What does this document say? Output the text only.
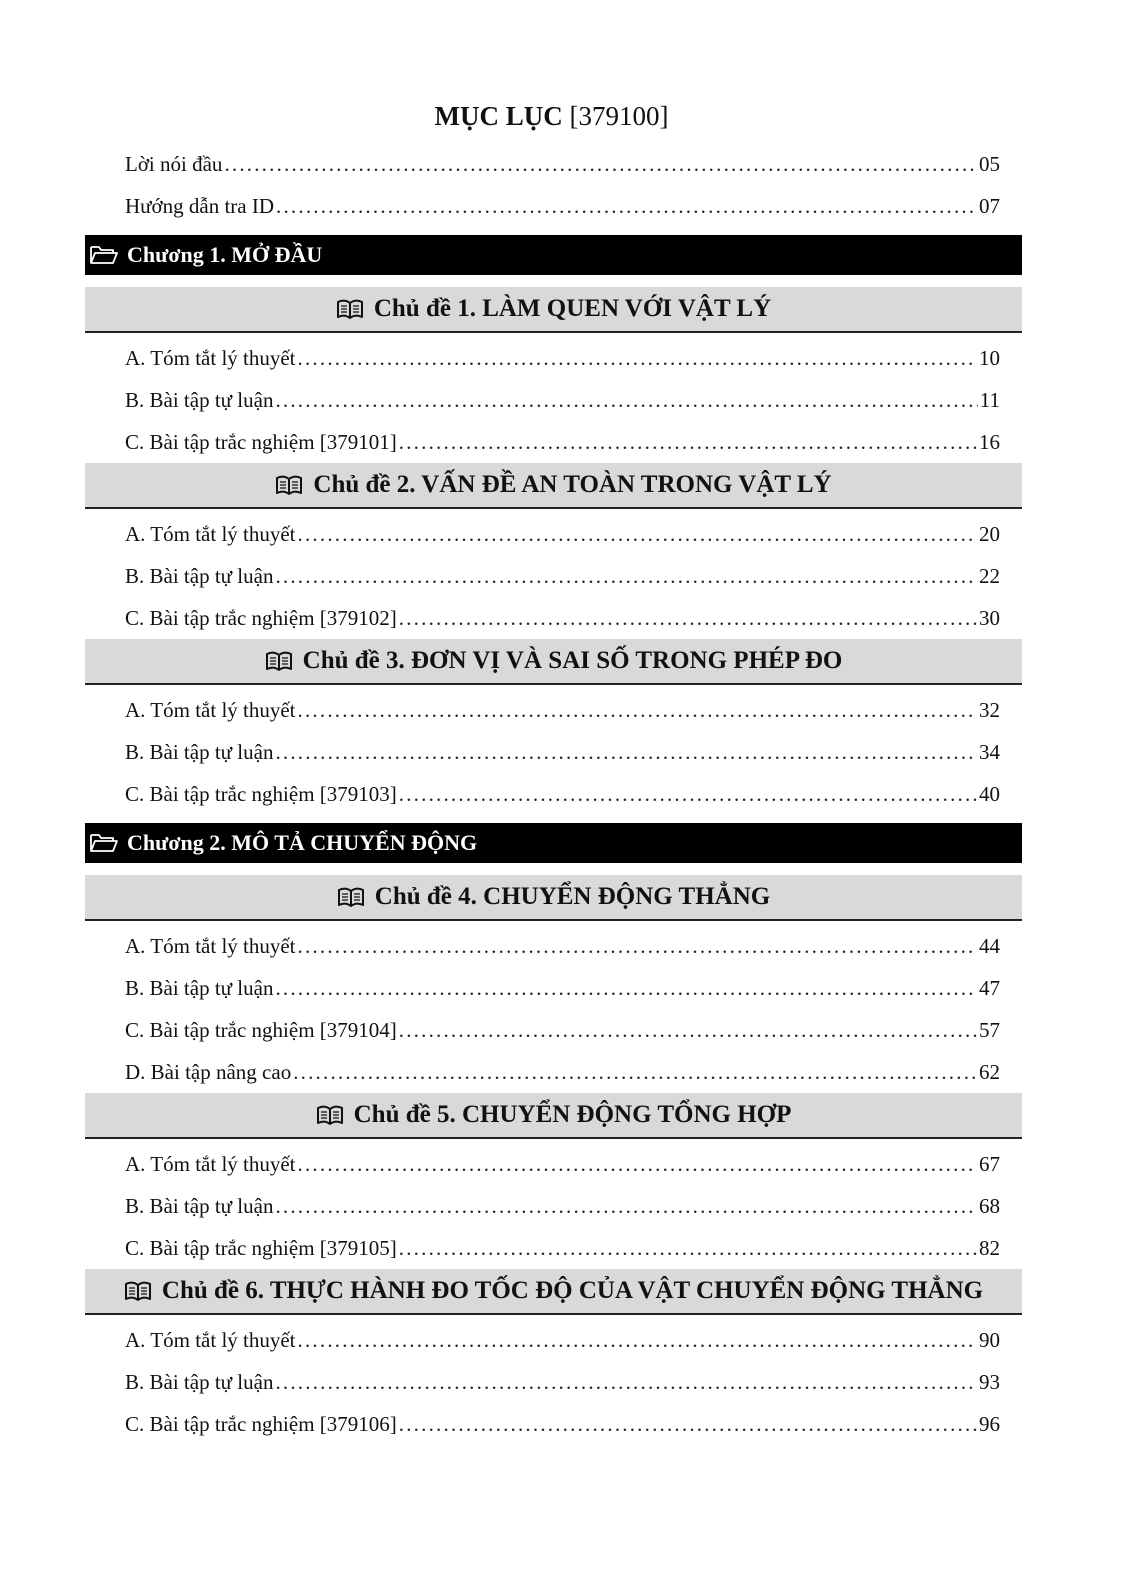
MỤC LỤC [379100]
Lời nói đầu .....	05
Hướng dẫn tra ID .....	07
Chương 1. MỞ ĐẦU
Chủ đề 1. LÀM QUEN VỚI VẬT LÝ
A. Tóm tắt lý thuyết .....	10
B. Bài tập tự luận .....	11
C. Bài tập trắc nghiệm [379101] .....	16
Chủ đề 2. VẤN ĐỀ AN TOÀN TRONG VẬT LÝ
A. Tóm tắt lý thuyết .....	20
B. Bài tập tự luận .....	22
C. Bài tập trắc nghiệm [379102] .....	30
Chủ đề 3. ĐƠN VỊ VÀ SAI SỐ TRONG PHÉP ĐO
A. Tóm tắt lý thuyết .....	32
B. Bài tập tự luận .....	34
C. Bài tập trắc nghiệm [379103] .....	40
Chương 2. MÔ TẢ CHUYỂN ĐỘNG
Chủ đề 4. CHUYỂN ĐỘNG THẲNG
A. Tóm tắt lý thuyết .....	44
B. Bài tập tự luận .....	47
C. Bài tập trắc nghiệm [379104] .....	57
D. Bài tập nâng cao .....	62
Chủ đề 5. CHUYỂN ĐỘNG TỔNG HỢP
A. Tóm tắt lý thuyết .....	67
B. Bài tập tự luận .....	68
C. Bài tập trắc nghiệm [379105] .....	82
Chủ đề 6. THỰC HÀNH ĐO TỐC ĐỘ CỦA VẬT CHUYỂN ĐỘNG THẲNG
A. Tóm tắt lý thuyết .....	90
B. Bài tập tự luận .....	93
C. Bài tập trắc nghiệm [379106] .....	96
